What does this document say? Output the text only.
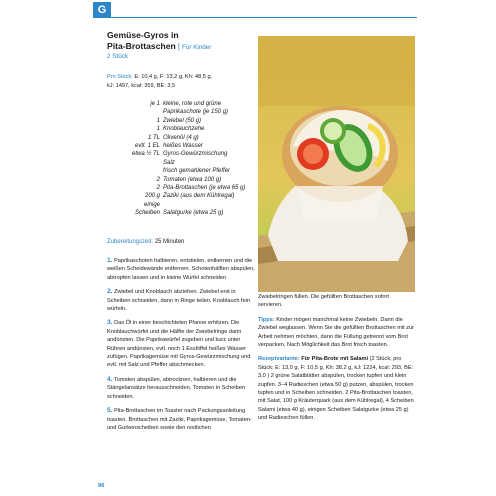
G
Gemüse-Gyros in
Pita-Brottaschen | Für Kinder
2 Stück
Pro Stück: E: 10,4 g, F: 13,2 g, Kh: 48,5 g,
kJ: 1497, kcal: 359, BE: 3,5
je 1 kleine, rote und grüne
Paprikaschote (je 150 g)
1 Zwiebel (50 g)
1 Knoblauchzehe
1 TL Olivenöl (4 g)
evtl. 1 EL heißes Wasser
etwa ½ TL Gyros-Gewürzmischung
Salz
frisch gemahlener Pfeffer
2 Tomaten (etwa 100 g)
2 Pita-Brottaschen (je etwa 65 g)
200 g Zaziki (aus dem Kühlregal)
einige
Scheiben Salatgurke (etwa 25 g)
Zubereitungszeit: 25 Minuten
1. Paprikaschoten halbieren, entstielen, entkernen und die weißen Scheidewände entfernen. Schotenhälften abspülen, abtropfen lassen und in kleine Würfel schneiden.
2. Zwiebel und Knoblauch abziehen. Zwiebel erst in Scheiben schneiden, dann in Ringe teilen. Knoblauch fein würfeln.
3. Das Öl in einer beschichteten Pfanne erhitzen. Die Knoblauchwürfel und die Hälfte der Zwiebelringe darin andünsten. Die Paprikawürfel zugeben und kurz unter Rühren andünsten, evtl. noch 1 Esslöffel heißes Wasser zufügen. Paprikagemüse mit Gyros-Gewürzmischung und evtl. mit Salz und Pfeffer abschmecken.
4. Tomaten abspülen, abtrocknen, halbieren und die Stängelansätze herausschneiden. Tomaten in Scheiben schneiden.
5. Pita-Brottaschen im Toaster nach Packungsanleitung toasten. Brottaschen mit Zaziki, Paprikagemüse, Tomaten- und Gurkenscheiben sowie den restlichen

Zwiebelringen füllen. Die gefüllten Brottaschen sofort servieren.

Tipps: Kinder mögen manchmal keine Zwiebeln. Dann die Zwiebel weglassen. Wenn Sie die gefüllten Brottaschen mit zur Arbeit nehmen möchten, dann die Füllung getrennt vom Brot verpacken. Nach Möglichkeit das Brot frisch toasten.

Rezeptvariante: Für Pita-Brote mit Salami (2 Stück, pro Stück: E: 13,0 g, F: 10,5 g, Kh: 38,2 g, kJ: 1224, kcal: 293, BE: 3,0 ) 2 grüne Salatblätter abspülen, trocken tupfen und klein zupfen. 3–4 Radieschen (etwa 50 g) putzen, abspülen, trocken tupfen und in Scheiben schneiden. 2 Pita-Brottaschen toasten, mit Salat, 100 g Kräuterquark (aus dem Kühlregal), 4 Scheiben Salami (etwa 40 g), einigen Scheiben Salatgurke (etwa 25 g) und Radieschen füllen.

96
